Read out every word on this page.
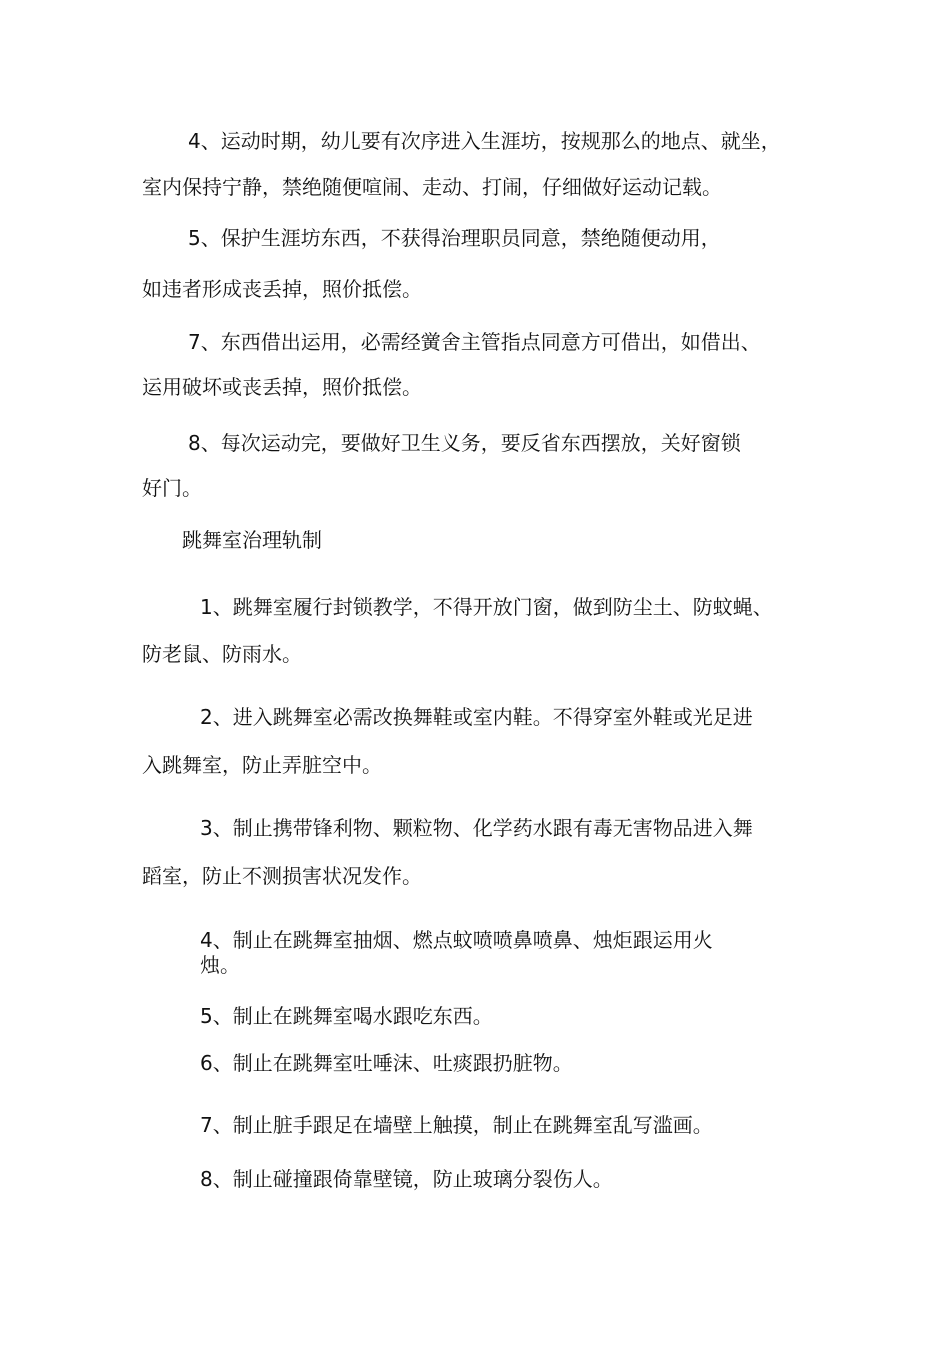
4、运动时期，幼儿要有次序进入生涯坊，按规那么的地点、就坐，
室内保持宁静，禁绝随便喧闹、走动、打闹，仔细做好运动记载。
5、保护生涯坊东西，不获得治理职员同意，禁绝随便动用，
如违者形成丧丢掉，照价抵偿。
7、东西借出运用，必需经黉舍主管指点同意方可借出，如借出、
运用破坏或丧丢掉，照价抵偿。
8、每次运动完，要做好卫生义务，要反省东西摆放，关好窗锁
好门。
跳舞室治理轨制
1、跳舞室履行封锁教学，不得开放门窗，做到防尘土、防蚊蝇、
防老鼠、防雨水。
2、进入跳舞室必需改换舞鞋或室内鞋。不得穿室外鞋或光足进
入跳舞室，防止弄脏空中。
3、制止携带锋利物、颗粒物、化学药水跟有毒无害物品进入舞
蹈室，防止不测损害状况发作。
4、制止在跳舞室抽烟、燃点蚊喷喷鼻喷鼻、烛炬跟运用火
烛。
5、制止在跳舞室喝水跟吃东西。
6、制止在跳舞室吐唾沫、吐痰跟扔脏物。
7、制止脏手跟足在墙壁上触摸，制止在跳舞室乱写滥画。
8、制止碰撞跟倚靠壁镜，防止玻璃分裂伤人。
